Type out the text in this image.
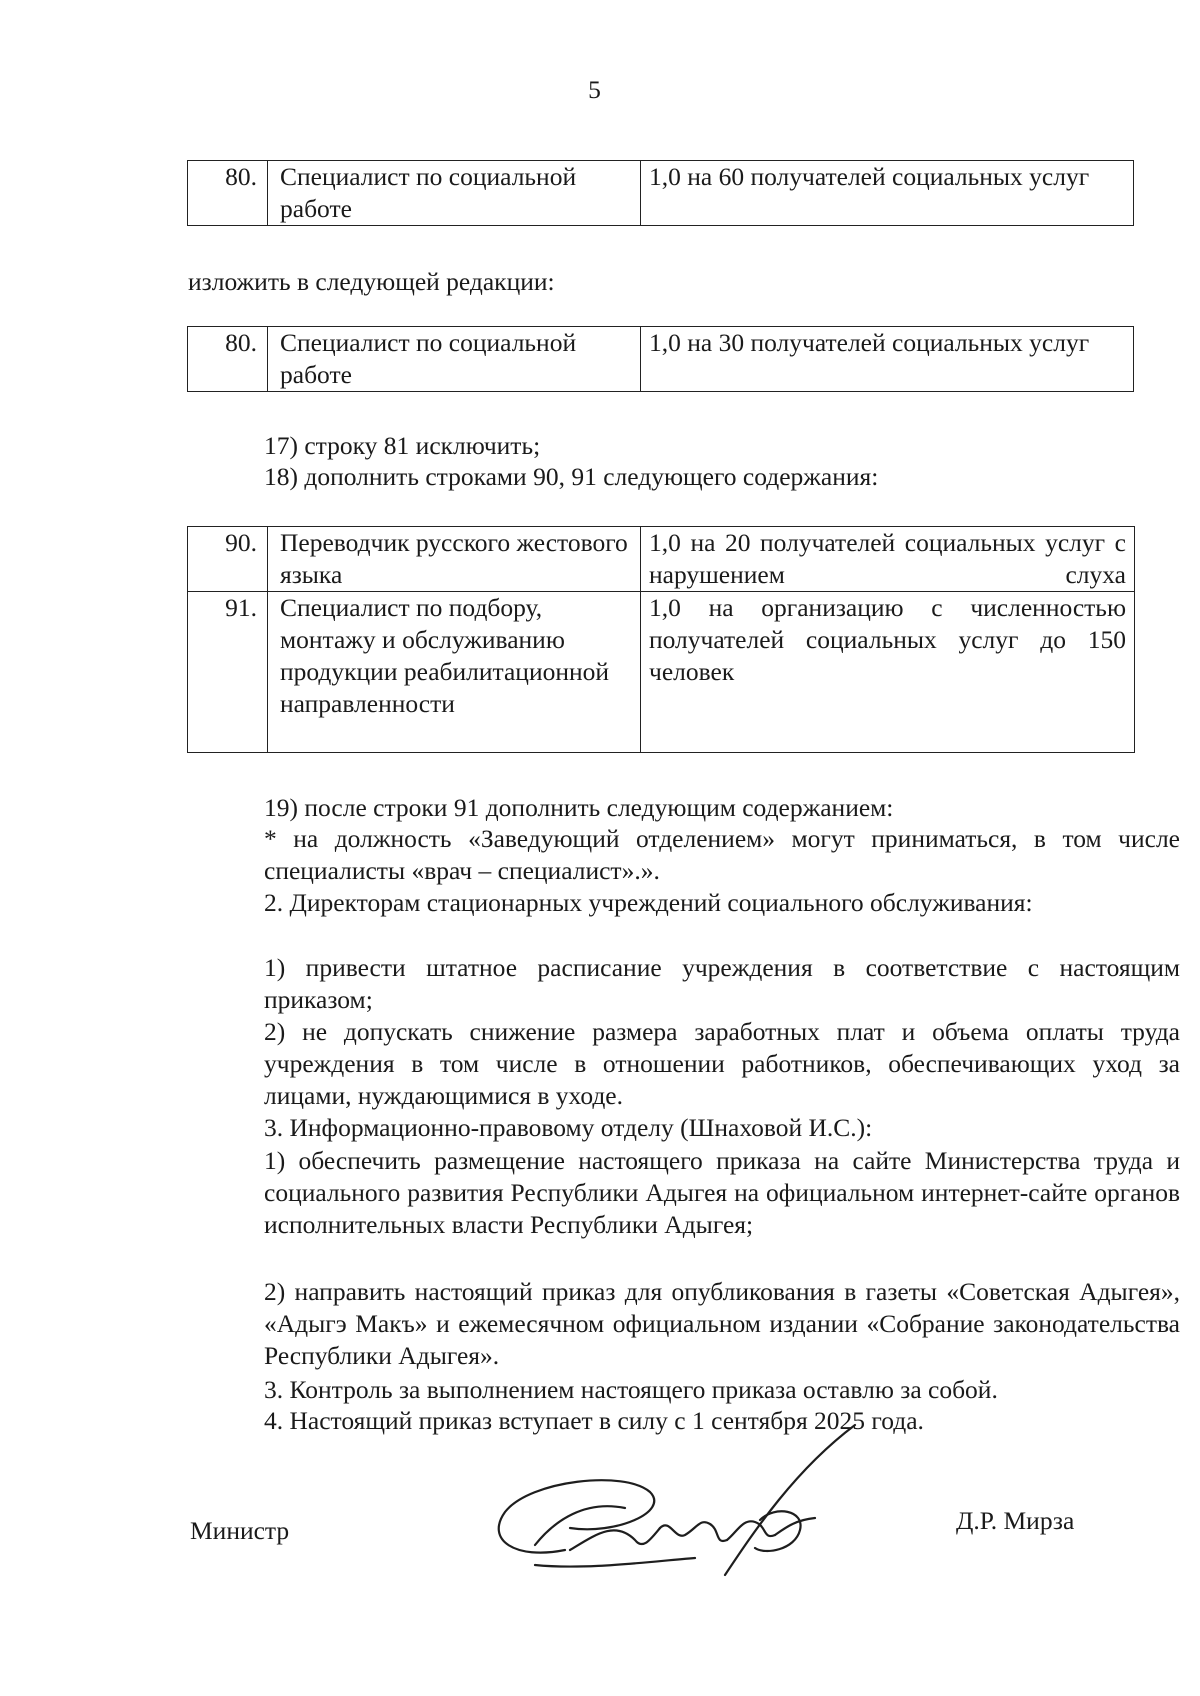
5
80.	Специалист по социальной работе	1,0 на 60 получателей социальных услуг
изложить в следующей редакции:
80.	Специалист по социальной работе	1,0 на 30 получателей социальных услуг
17) строку 81 исключить;
18) дополнить строками 90, 91 следующего содержания:
90.	Переводчик русского жестового языка	1,0 на 20 получателей социальных услуг с нарушением слуха
91.	Специалист по подбору, монтажу и обслуживанию продукции реабилитационной направленности	1,0 на организацию с численностью получателей социальных услуг до 150 человек
19) после строки 91 дополнить следующим содержанием:
* на должность «Заведующий отделением» могут приниматься, в том числе специалисты «врач – специалист».».
2. Директорам стационарных учреждений социального обслуживания:
1) привести штатное расписание учреждения в соответствие с настоящим приказом;
2) не допускать снижение размера заработных плат и объема оплаты труда учреждения в том числе в отношении работников, обеспечивающих уход за лицами, нуждающимися в уходе.
3. Информационно-правовому отделу (Шнаховой И.С.):
1) обеспечить размещение настоящего приказа на сайте Министерства труда и социального развития Республики Адыгея на официальном интернет-сайте органов исполнительных власти Республики Адыгея;
2) направить настоящий приказ для опубликования в газеты «Советская Адыгея», «Адыгэ Макъ» и ежемесячном официальном издании «Собрание законодательства Республики Адыгея».
3. Контроль за выполнением настоящего приказа оставлю за собой.
4. Настоящий приказ вступает в силу с 1 сентября 2025 года.
Министр	Д.Р. Мирза
